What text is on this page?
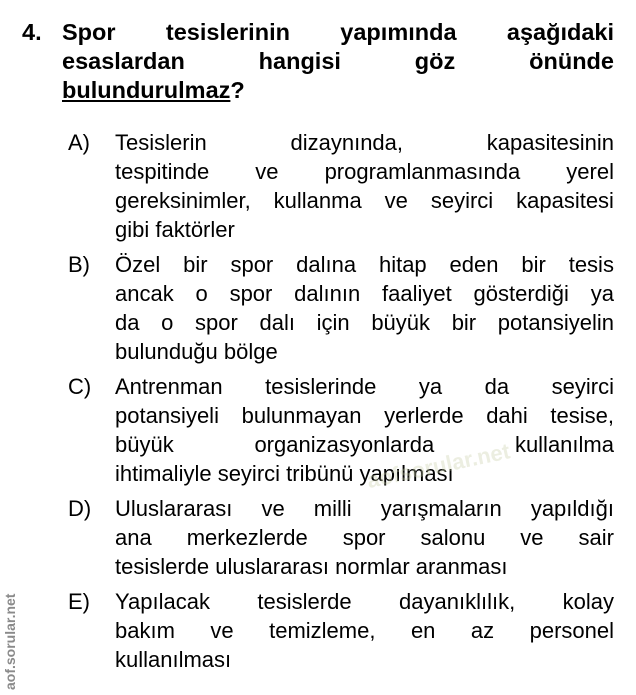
4. Spor tesislerinin yapımında aşağıdaki
esaslardan	hangisi	göz	önünde
bulundurulmaz?
A) Tesislerin	dizaynında,	kapasitesinin
tespitinde ve programlanmasında yerel
gereksinimler, kullanma ve seyirci kapasitesi
gibi faktörler
B) Özel bir spor dalına hitap eden bir tesis
ancak o spor dalının faaliyet gösterdiği ya
da o spor dalı için büyük bir potansiyelin
bulunduğu bölge
C) Antrenman tesislerinde ya da seyirci
potansiyeli bulunmayan yerlerde dahi tesise,
büyük	organizasyonlarda	kullanılma
ihtimaliyle seyirci tribünü yapılması
D) Uluslararası ve milli yarışmaların yapıldığı
ana merkezlerde spor salonu ve sair
tesislerde uluslararası normlar aranması
E) Yapılacak tesislerde dayanıklılık, kolay
bakım ve temizleme, en az personel
kullanılması
aofsorular.net
aof.sorular.net
